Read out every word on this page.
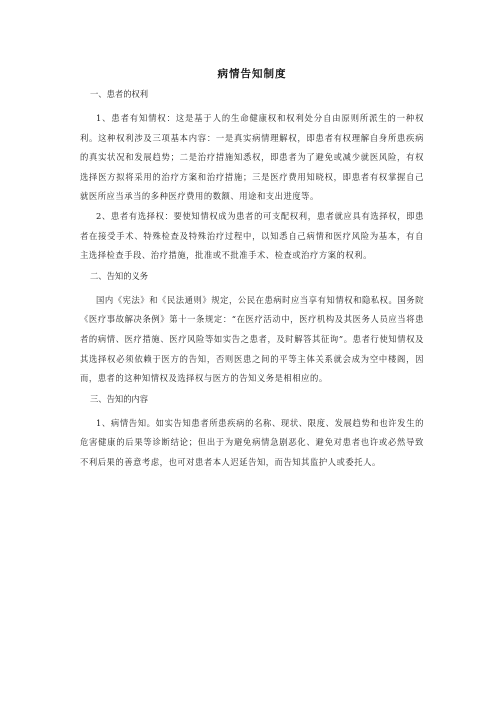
病情告知制度

一、患者的权利

1、患者有知情权：这是基于人的生命健康权和权利处分自由原则所派生的一种权利。这种权利涉及三项基本内容：一是真实病情理解权，即患者有权理解自身所患疾病的真实状况和发展趋势；二是治疗措施知悉权，即患者为了避免或减少就医风险，有权选择医方拟将采用的治疗方案和治疗措施；三是医疗费用知晓权，即患者有权掌握自己就医所应当承当的多种医疗费用的数额、用途和支出进度等。

2、患者有选择权：要使知情权成为患者的可支配权利，患者就应具有选择权，即患者在接受手术、特殊检查及特殊治疗过程中，以知悉自己病情和医疗风险为基本，有自主选择检查手段、治疗措施，批准或不批准手术、检查或治疗方案的权利。

二、告知的义务

国内《宪法》和《民法通则》规定，公民在患病时应当享有知情权和隐私权。国务院《医疗事故解决条例》第十一条规定：“在医疗活动中，医疗机构及其医务人员应当将患者的病情、医疗措施、医疗风险等如实告之患者，及时解答其征询”。患者行使知情权及其选择权必须依赖于医方的告知，否则医患之间的平等主体关系就会成为空中楼阁，因而，患者的这种知情权及选择权与医方的告知义务是相相应的。

三、告知的内容

1、病情告知。如实告知患者所患疾病的名称、现状、限度、发展趋势和也许发生的危害健康的后果等诊断结论；但出于为避免病情急剧恶化、避免对患者也许或必然导致不利后果的善意考虑，也可对患者本人迟延告知，而告知其监护人或委托人。
